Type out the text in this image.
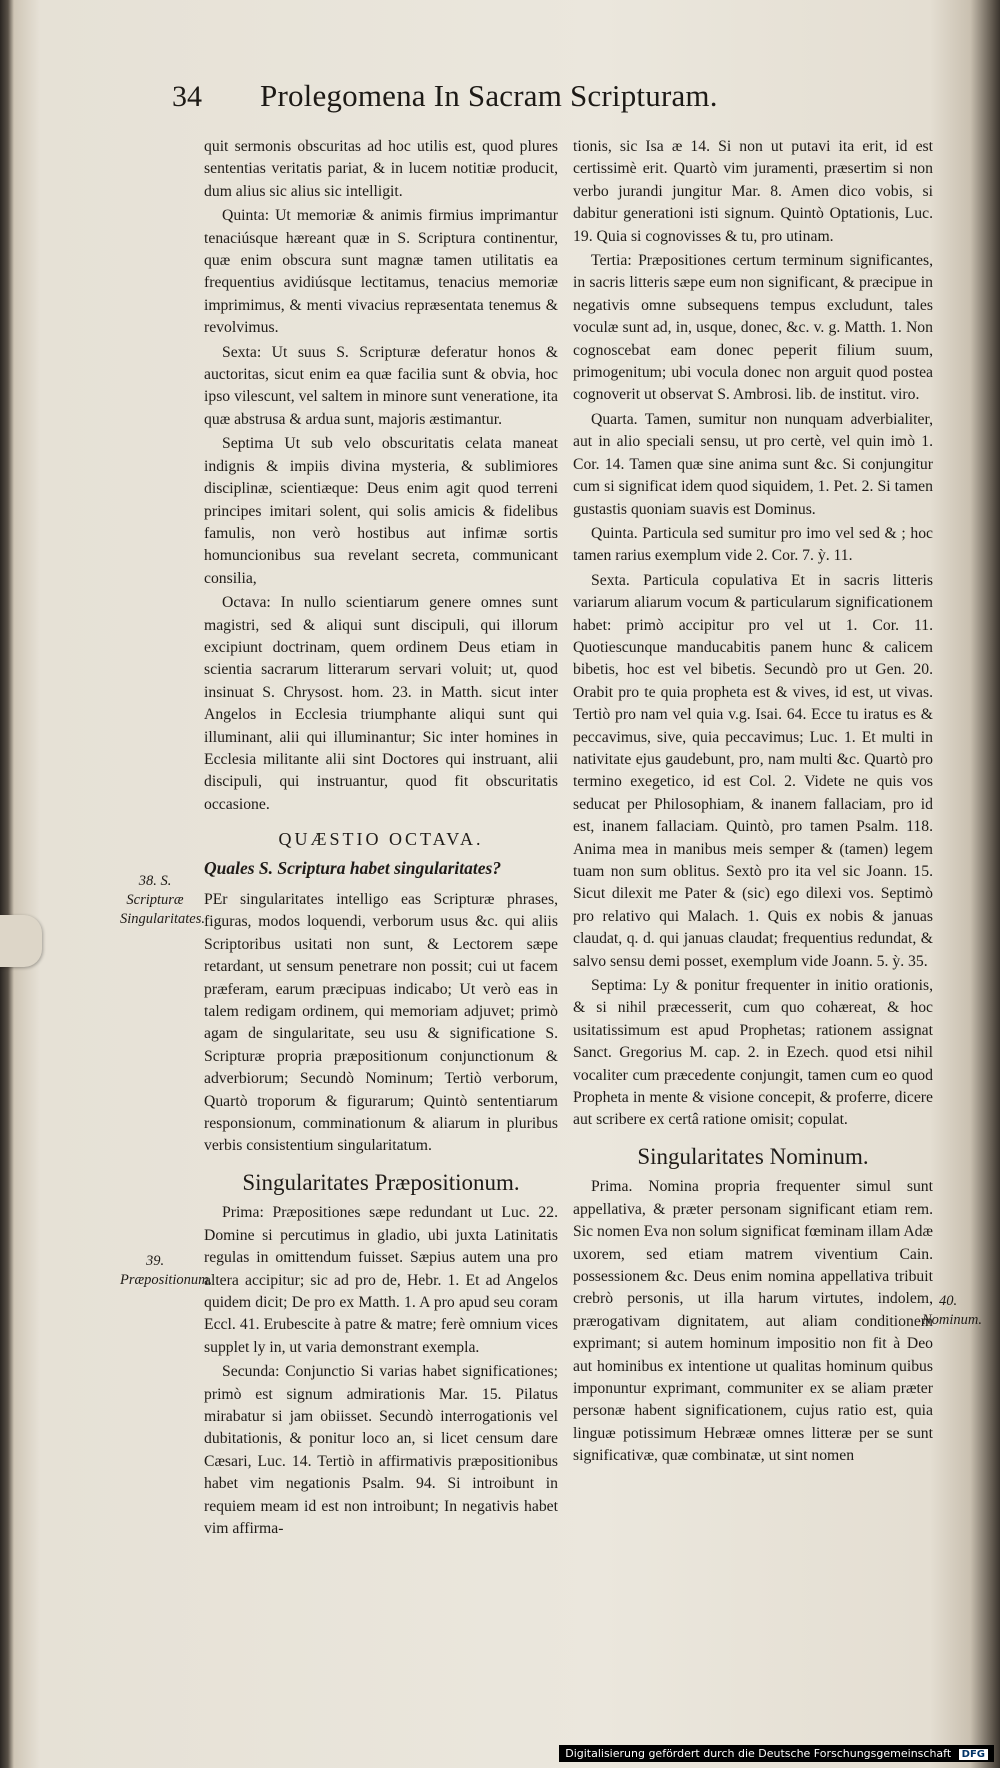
34 Prolegomena In Sacram Scripturam.

quit sermonis obscuritas ad hoc utilis est, quod plures sententias veritatis pariat, & in lucem notitiæ producit, dum alius sic alius sic intelligit.

Quinta: Ut memoriæ & animis firmius imprimantur tenaciúsque hæreant quæ in S. Scriptura continentur, quæ enim obscura sunt magnæ tamen utilitatis ea frequentius avidiúsque lectitamus, tenacius memoriæ imprimimus, & menti vivacius repræsentata tenemus & revolvimus.

Sexta: Ut suus S. Scripturæ deferatur honos & auctoritas, sicut enim ea quæ facilia sunt & obvia, hoc ipso vilescunt, vel saltem in minore sunt veneratione, ita quæ abstrusa & ardua sunt, majoris æstimantur.

Septima Ut sub velo obscuritatis celata maneat indignis & impiis divina mysteria, & sublimiores disciplinæ, scientiæque: Deus enim agit quod terreni principes imitari solent, qui solis amicis & fidelibus famulis, non verò hostibus aut infimæ sortis homuncionibus sua revelant secreta, communicant consilia,

Octava: In nullo scientiarum genere omnes sunt magistri, sed & aliqui sunt discipuli, qui illorum excipiunt doctrinam, quem ordinem Deus etiam in scientia sacrarum litterarum servari voluit; ut, quod insinuat S. Chrysost. hom. 23. in Matth. sicut inter Angelos in Ecclesia triumphante aliqui sunt qui illuminant, alii qui illuminantur; Sic inter homines in Ecclesia militante alii sint Doctores qui instruant, alii discipuli, qui instruantur, quod fit obscuritatis occasione.

QUÆSTIO OCTAVA.
Quales S. Scriptura habet singularitates?

PEr singularitates intelligo eas Scripturæ phrases, figuras, modos loquendi, verborum usus &c. qui aliis Scriptoribus usitati non sunt, & Lectorem sæpe retardant, ut sensum penetrare non possit; cui ut facem præferam, earum præcipuas indicabo; Ut verò eas in talem redigam ordinem, qui memoriam adjuvet; primò agam de singularitate, seu usu & significatione S. Scripturæ propria præpositionum conjunctionum & adverbiorum; Secundò Nominum; Tertiò verborum, Quartò troporum & figurarum; Quintò sententiarum responsionum, comminationum & aliarum in pluribus verbis consistentium singularitatum.

Singularitates Præpositionum.

Prima: Præpositiones sæpe redundant ut Luc. 22. Domine si percutimus in gladio, ubi juxta Latinitatis regulas in omittendum fuisset. Sæpius autem una pro altera accipitur; sic ad pro de, Hebr. 1. Et ad Angelos quidem dicit; De pro ex Matth. 1. A pro apud seu coram Eccl. 41. Erubescite à patre & matre; ferè omnium vices supplet ly in, ut varia demonstrant exempla.

Secunda: Conjunctio Si varias habet significationes; primò est signum admirationis Mar. 15. Pilatus mirabatur si jam obiisset. Secundò interrogationis vel dubitationis, & ponitur loco an, si licet censum dare Cæsari, Luc. 14. Tertiò in affirmativis præpositionibus habet vim negationis Psalm. 94. Si introibunt in requiem meam id est non introibunt; In negativis habet vim affirma-

tionis, sic Isa æ 14. Si non ut putavi ita erit, id est certissimè erit. Quartò vim juramenti, præsertim si non verbo jurandi jungitur Mar. 8. Amen dico vobis, si dabitur generationi isti signum. Quintò Optationis, Luc. 19. Quia si cognovisses & tu, pro utinam.

Tertia: Præpositiones certum terminum significantes, in sacris litteris sæpe eum non significant, & præcipue in negativis omne subsequens tempus excludunt, tales voculæ sunt ad, in, usque, donec, &c. v. g. Matth. 1. Non cognoscebat eam donec peperit filium suum, primogenitum; ubi vocula donec non arguit quod postea cognoverit ut observat S. Ambrosi. lib. de institut. viro.

Quarta. Tamen, sumitur non nunquam adverbialiter, aut in alio speciali sensu, ut pro certè, vel quin imò 1. Cor. 14. Tamen quæ sine anima sunt &c. Si conjungitur cum si significat idem quod siquidem, 1. Pet. 2. Si tamen gustastis quoniam suavis est Dominus.

Quinta. Particula sed sumitur pro imo vel sed & ; hoc tamen rarius exemplum vide 2. Cor. 7. ỳ. 11.

Sexta. Particula copulativa Et in sacris litteris variarum aliarum vocum & particularum significationem habet: primò accipitur pro vel ut 1. Cor. 11. Quotiescunque manducabitis panem hunc & calicem bibetis, hoc est vel bibetis. Secundò pro ut Gen. 20. Orabit pro te quia propheta est & vives, id est, ut vivas. Tertiò pro nam vel quia v.g. Isai. 64. Ecce tu iratus es & peccavimus, sive, quia peccavimus; Luc. 1. Et multi in nativitate ejus gaudebunt, pro, nam multi &c. Quartò pro termino exegetico, id est Col. 2. Videte ne quis vos seducat per Philosophiam, & inanem fallaciam, pro id est, inanem fallaciam. Quintò, pro tamen Psalm. 118. Anima mea in manibus meis semper & (tamen) legem tuam non sum oblitus. Sextò pro ita vel sic Joann. 15. Sicut dilexit me Pater & (sic) ego dilexi vos. Septimò pro relativo qui Malach. 1. Quis ex nobis & januas claudat, q. d. qui januas claudat; frequentius redundat, & salvo sensu demi posset, exemplum vide Joann. 5. ỳ. 35.

Septima: Ly & ponitur frequenter in initio orationis, & si nihil præcesserit, cum quo cohæreat, & hoc usitatissimum est apud Prophetas; rationem assignat Sanct. Gregorius M. cap. 2. in Ezech. quod etsi nihil vocaliter cum præcedente conjungit, tamen cum eo quod Propheta in mente & visione concepit, & proferre, dicere aut scribere ex certâ ratione omisit; copulat.

Singularitates Nominum.

Prima. Nomina propria frequenter simul sunt appellativa, & præter personam significant etiam rem. Sic nomen Eva non solum significat fœminam illam Adæ uxorem, sed etiam matrem viventium Cain. possessionem &c. Deus enim nomina appellativa tribuit crebrò personis, ut illa harum virtutes, indolem, prærogativam dignitatem, aut aliam conditionem exprimant; si autem hominum impositio non fit à Deo aut hominibus ex intentione ut qualitas hominum quibus imponuntur exprimant, communiter ex se aliam præter personæ habent significationem, cujus ratio est, quia linguæ potissimum Hebrææ omnes litteræ per se sunt significativæ, quæ combinatæ, ut sint nomen

38. S. Scripturæ Singularitates.
39. Præpositionum.
40. Nominum.
Digitalisierung gefördert durch die Deutsche Forschungsgemeinschaft DFG
